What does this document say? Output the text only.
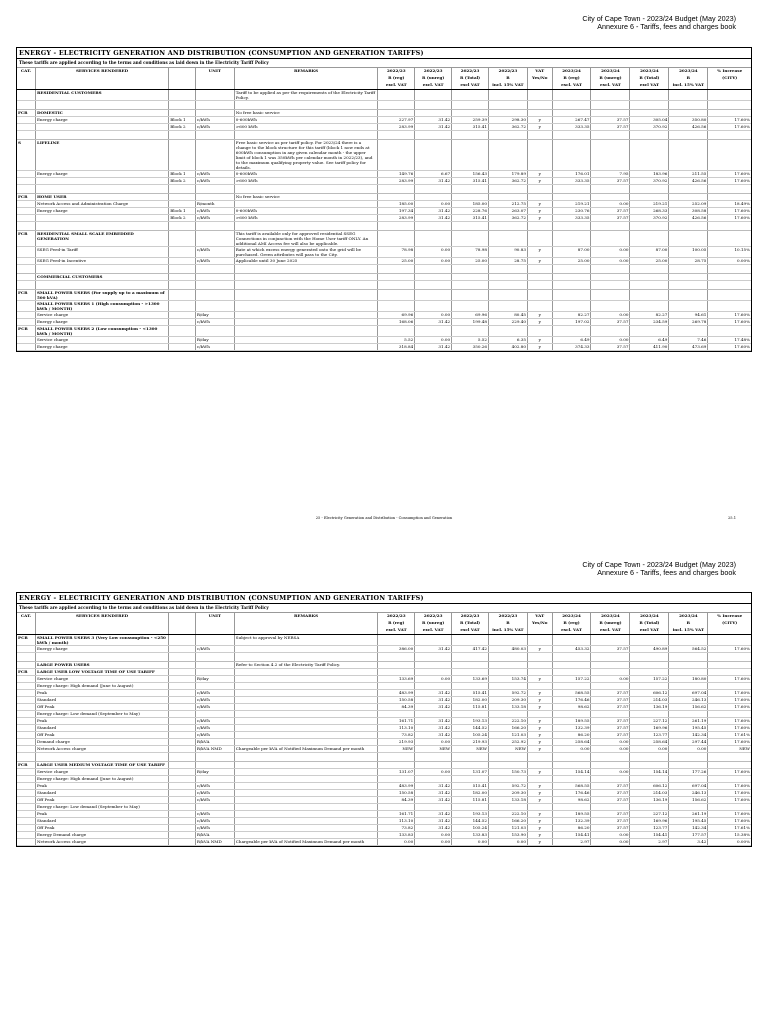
City of Cape Town - 2023/24 Budget (May 2023)
Annexure 6 - Tariffs, fees and charges book
ENERGY - ELECTRICITY GENERATION AND DISTRIBUTION (CONSUMPTION AND GENERATION TARIFFS)
These tariffs are applied according to the terms and conditions as laid down in the Electricity Tariff Policy
CAT.	SERVICES RENDERED		UNIT	REMARKS	2022/23	2022/23	2022/23	2022/23	VAT	2023/24	2023/24	2023/24	2023/24	% Increase
					R (reg)	R (unreg)	R (Total)	R	Yes/No	R (reg)	R (unreg)	R (Total)	R	(CITY)
					excl. VAT	excl. VAT	excl VAT	incl. 15% VAT		excl. VAT	excl. VAT	excl VAT	incl. 15% VAT	
	RESIDENTIAL CUSTOMERS			Tariff to be applied as per the requirements of the Electricity Tariff Policy.										

FCR	DOMESTIC			No free basic service										
	Energy charge	Block 1	c/kWh	0-600kWh	227.97	31.42	259.39	298.30	y	267.47	37.57	305.04	350.80	17.60%
		Block 2	c/kWh	>600 kWh	283.99	31.42	315.41	362.72	y	333.35	37.57	370.92	426.56	17.60%

S	LIFELINE			Free basic service as per tariff policy. For 2023/24 there is a change to the block structure for this tariff (block 1 now ends at 600kWh consumption in any given calendar month - the upper limit of block 1 was 350kWh per calendar month in 2022/23), and to the maximum qualifying property value. See tariff policy for details.										
	Energy charge	Block 1	c/kWh	0-600kWh	149.76	6.67	156.43	179.89	y	176.01	7.95	183.96	211.55	17.60%
		Block 2	c/kWh	>600 kWh	283.99	31.42	315.41	362.72	y	333.35	37.57	370.92	426.56	17.60%

FCR	HOME USER			No free basic service										
	Network Access and Administration Charge		R/month		185.00	0.00	185.00	212.75	y	219.21	0.00	219.21	252.09	18.49%
	Energy charge	Block 1	c/kWh	0-600kWh	197.34	31.42	228.76	263.07	y	230.76	37.57	268.33	308.58	17.60%
		Block 2	c/kWh	>600 kWh	283.99	31.42	315.41	362.72	y	333.35	37.57	370.92	426.56	17.60%

FCR	RESIDENTIAL SMALL SCALE EMBEDDED GENERATION			This tariff is available only for approved residential SSEG Connections in conjunction with the Home User tariff ONLY. An additional AMI Access fee will also be applicable.										
	SSEG Feed-in Tariff		c/kWh	Rate at which excess energy generated onto the grid will be purchased. Green attributes will pass to the City.	78.98	0.00	78.98	90.83	y	87.00	0.00	87.00	100.05	10.15%
	SSEG Feed-in Incentive		c/kWh	Applicable until 30 June 2025	25.00	0.00	25.00	28.75	y	25.00	0.00	25.00	28.75	0.00%

	COMMERCIAL CUSTOMERS													

FCR	SMALL POWER USERS (For supply up to a maximum of 500 kVA)													
	SMALL POWER USERS 1 (High consumption - >1300 kWh / MONTH)													
	Service charge		R/day		69.96	0.00	69.96	80.45	y	82.27	0.00	82.27	94.61	17.60%
	Energy charge		c/kWh		168.06	31.42	199.48	229.40	y	197.02	37.57	234.59	269.78	17.60%
PCR	SMALL POWER USERS 2 (Low consumption - <1300 kWh / MONTH)													
	Service charge		R/day		5.52	0.00	5.52	6.35	y	6.49	0.00	6.49	7.46	17.48%
	Energy charge		c/kWh		318.84	31.42	350.26	402.80	y	374.33	37.57	411.90	473.69	17.60%
25 - Electricity Generation and Distribution - Consumption and Generation	25.1
City of Cape Town - 2023/24 Budget (May 2023)
Annexure 6 - Tariffs, fees and charges book
ENERGY - ELECTRICITY GENERATION AND DISTRIBUTION (CONSUMPTION AND GENERATION TARIFFS)
These tariffs are applied according to the terms and conditions as laid down in the Electricity Tariff Policy
CAT.	SERVICES RENDERED		UNIT	REMARKS	2022/23	2022/23	2022/23	2022/23	VAT	2023/24	2023/24	2023/24	2023/24	% Increase
					R (reg)	R (unreg)	R (Total)	R	Yes/No	R (reg)	R (unreg)	R (Total)	R	(CITY)
					excl. VAT	excl. VAT	excl VAT	incl. 15% VAT		excl. VAT	excl. VAT	excl VAT	incl. 15% VAT	
PCR	SMALL POWER USERS 3 (Very Low consumption - <250 kWh / month)			Subject to approval by NERSA										
	Energy charge		c/kWh		386.00	31.42	417.42	480.03	y	453.32	37.57	490.89	564.52	17.60%

	LARGE POWER USERS			Refer to Section 4.2 of the Electricity Tariff Policy.										
FCR	LARGE USER LOW VOLTAGE TIME OF USE TARIFF													
	Service charge		R/day		133.69	0.00	133.69	153.74	y	157.22	0.00	157.22	180.80	17.60%
	Energy charge: High demand (June to August)													
	Peak		c/kWh		483.99	31.42	515.41	592.72	y	568.55	37.57	606.12	697.04	17.60%
	Standard		c/kWh		150.58	31.42	182.00	209.30	y	176.46	37.57	214.03	246.13	17.60%
	Off Peak		c/kWh		84.39	31.42	115.81	133.18	y	98.62	37.57	136.19	156.62	17.60%
	Energy charge: Low demand (September to May)													
	Peak		c/kWh		161.71	31.42	193.13	222.10	y	189.55	37.57	227.12	261.19	17.60%
	Standard		c/kWh		113.10	31.42	144.52	166.20	y	132.39	37.57	169.96	195.45	17.60%
	Off Peak		c/kWh		73.82	31.42	105.24	121.03	y	86.20	37.57	123.77	142.34	17.61%
	Demand charge		R/kVA		219.93	0.00	219.93	252.92	y	258.64	0.00	258.64	297.44	17.60%
	Network Access charge		R/kVA NMD	Chargeable per kVA of Notified Maximum Demand per month	NEW	NEW	NEW	NEW	y	0.00	0.00	0.00	0.00	NEW

FCR	LARGE USER MEDIUM VOLTAGE TIME OF USE TARIFF													
	Service charge		R/day		131.07	0.00	131.07	150.73	y	154.14	0.00	154.14	177.26	17.60%
	Energy charge: High demand (June to August)													
	Peak		c/kWh		483.99	31.42	515.41	592.72	y	568.55	37.57	606.12	697.04	17.60%
	Standard		c/kWh		150.58	31.42	182.00	209.30	y	176.46	37.57	214.03	246.13	17.60%
	Off Peak		c/kWh		84.39	31.42	115.81	133.18	y	98.62	37.57	136.19	156.62	17.60%
	Energy charge: Low demand (September to May)													
	Peak		c/kWh		161.71	31.42	193.13	222.10	y	189.55	37.57	227.12	261.19	17.60%
	Standard		c/kWh		113.10	31.42	144.52	166.20	y	132.39	37.57	169.96	195.45	17.60%
	Off Peak		c/kWh		73.82	31.42	105.24	121.03	y	86.20	37.57	123.77	142.34	17.61%
	Energy Demand charge		R/kVA		133.83	0.00	133.83	153.90	y	154.41	0.00	154.41	177.57	15.38%
	Network Access charge		R/kVA NMD	Chargeable per kVA of Notified Maximum Demand per month	0.00	0.00	0.00	0.00	y	2.97	0.00	2.97	3.42	0.00%
